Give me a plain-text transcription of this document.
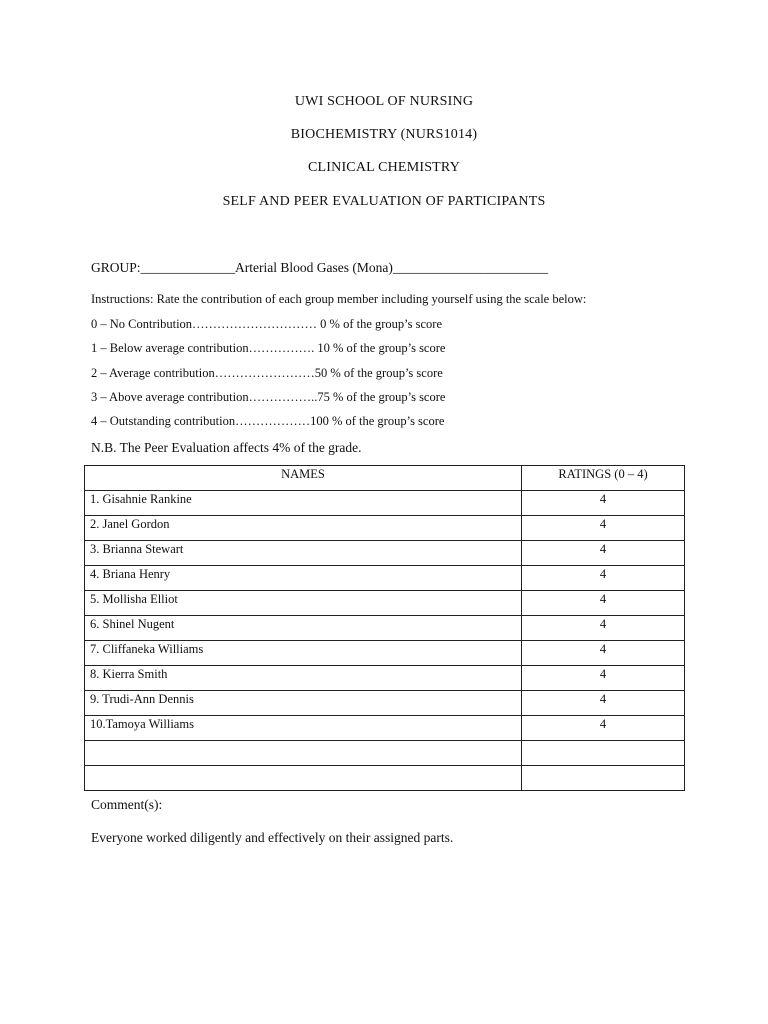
UWI SCHOOL OF NURSING
BIOCHEMISTRY (NURS1014)
CLINICAL CHEMISTRY
SELF AND PEER EVALUATION OF PARTICIPANTS
GROUP:______________Arterial Blood Gases (Mona)_______________________
Instructions: Rate the contribution of each group member including yourself using the scale below:
0 – No Contribution………………………… 0 % of the group’s score
1 – Below average contribution……………. 10 % of the group’s score
2 – Average contribution……………………50 % of the group’s score
3 – Above average contribution……………..75 % of the group’s score
4 – Outstanding contribution………………100 % of the group’s score
N.B. The Peer Evaluation affects 4% of the grade.
NAMES	RATINGS (0 – 4)
1. Gisahnie Rankine	4
2. Janel Gordon	4
3. Brianna Stewart	4
4. Briana Henry	4
5. Mollisha Elliot	4
6. Shinel Nugent	4
7. Cliffaneka Williams	4
8. Kierra Smith	4
9. Trudi-Ann Dennis	4
10.Tamoya Williams	4

Comment(s):
Everyone worked diligently and effectively on their assigned parts.
